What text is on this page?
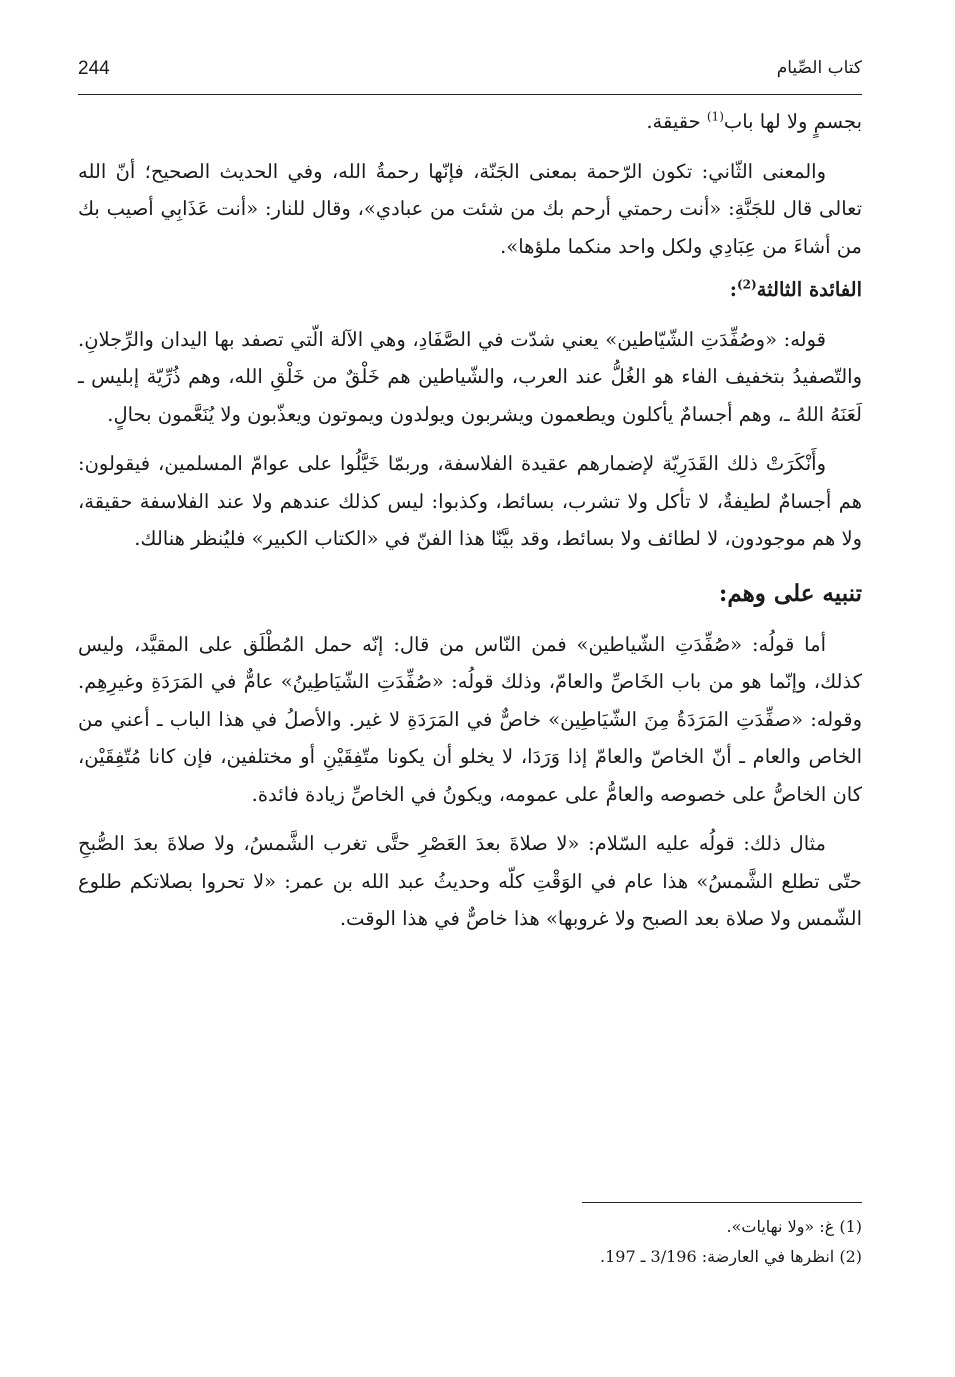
244	كتاب الصِّيام

بجسمٍ ولا لها باب$^{(1)}$ حقيقة.

والمعنى الثّاني: تكون الرّحمة بمعنى الجَنّة، فإنّها رحمةُ الله، وفي الحديث الصحيح؛ أنّ الله تعالى قال للجَنَّةِ: «أنت رحمتي أرحم بك من شئت من عبادي»، وقال للنار: «أنت عَذَابِي أصيب بك من أشاءَ من عِبَادِي ولكل واحد منكما ملؤها».

الفائدة الثالثة$^{(2)}$:

قوله: «وصُفِّدَتِ الشّيّاطين» يعني شدّت في الصَّفَادِ، وهي الآلة الّتي تصفد بها اليدان والرِّجلانِ. والتّصفيدُ بتخفيف الفاء هو الغُلُّ عند العرب، والشّياطين هم خَلْقٌ من خَلْقِ الله، وهم ذُرِّيّة إبليس ـ لَعَنَهُ اللهُ ـ، وهم أجسامٌ يأكلون ويطعمون ويشربون ويولدون ويموتون ويعذّبون ولا يُنَعَّمون بحالٍ.

وأَنْكَرَتْ ذلك القَدَرِيّة لإضمارهم عقيدة الفلاسفة، وربمّا خَيَّلُوا على عوامّ المسلمين، فيقولون: هم أجسامٌ لطيفةٌ، لا تأكل ولا تشرب، بسائط، وكذبوا: ليس كذلك عندهم ولا عند الفلاسفة حقيقة، ولا هم موجودون، لا لطائف ولا بسائط، وقد بيَّنّا هذا الفنّ في «الكتاب الكبير» فليُنظر هنالك.

تنبيه على وهم:

أما قولُه: «صُفِّدَتِ الشّياطين» فمن النّاس من قال: إنّه حمل المُطْلَق على المقيَّد، وليس كذلك، وإنّما هو من باب الخَاصِّ والعامّ، وذلك قولُه: «صُفِّدَتِ الشّيَاطِينُ» عامٌّ في المَرَدَةِ وغيرِهِم. وقوله: «صفِّدَتِ المَرَدَةُ مِنَ الشّيَاطِين» خاصٌّ في المَرَدَةِ لا غير. والأصلُ في هذا الباب ـ أعني من الخاص والعام ـ أنّ الخاصّ والعامّ إذا وَرَدَا، لا يخلو أن يكونا متّفِقَيْنِ أو مختلفين، فإن كانا مُتّفِقَيْن، كان الخاصُّ على خصوصه والعامُّ على عمومه، ويكونُ في الخاصِّ زيادة فائدة.

مثال ذلك: قولُه عليه السّلام: «لا صلاةَ بعدَ العَصْرِ حتَّى تغرب الشَّمسُ، ولا صلاةَ بعدَ الصُّبحِ حتّى تطلع الشَّمسُ» هذا عام في الوَقْتِ كلّه وحديثُ عبد الله بن عمر: «لا تحروا بصلاتكم طلوع الشّمس ولا صلاة بعد الصبح ولا غروبها» هذا خاصٌّ في هذا الوقت.

(1) غ: «ولا نهايات».

(2) انظرها في العارضة: 3/196 ـ 197.
